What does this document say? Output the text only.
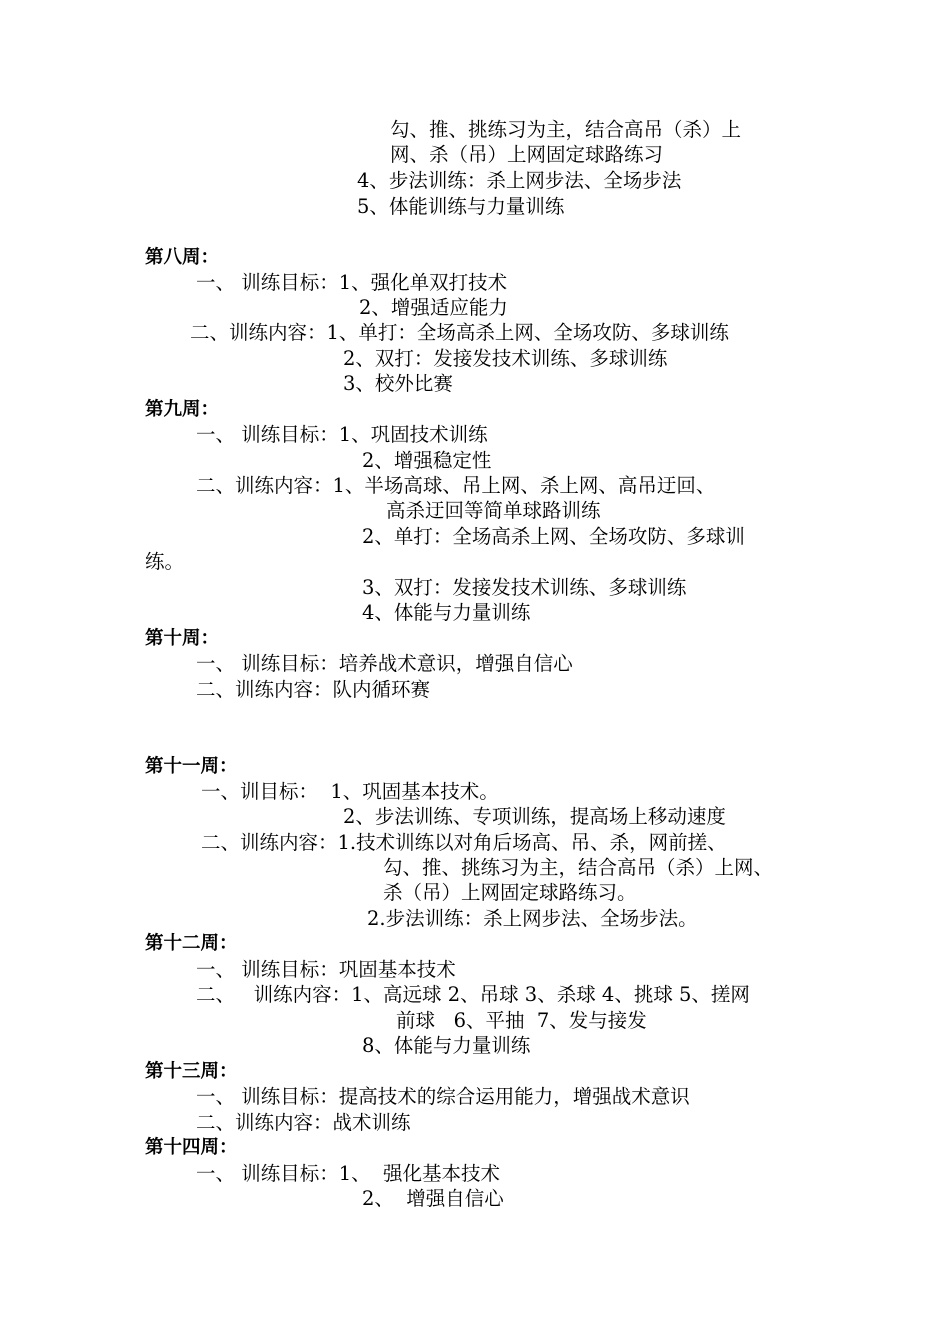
勾、推、挑练习为主，结合高吊（杀）上
网、杀（吊）上网固定球路练习
4、步法训练：杀上网步法、全场步法
5、体能训练与力量训练
第八周：
一、 训练目标：1、强化单双打技术
2、增强适应能力
二、训练内容：1、单打：全场高杀上网、全场攻防、多球训练
2、双打：发接发技术训练、多球训练
3、校外比赛
第九周：
一、 训练目标：1、巩固技术训练
2、增强稳定性
二、训练内容：1、半场高球、吊上网、杀上网、高吊迂回、
高杀迂回等简单球路训练
2、单打：全场高杀上网、全场攻防、多球训
练。
3、双打：发接发技术训练、多球训练
4、体能与力量训练
第十周：
一、 训练目标：培养战术意识，增强自信心
二、训练内容：队内循环赛
第十一周：
一、训目标：  1、巩固基本技术。
2、步法训练、专项训练，提高场上移动速度
二、训练内容：1.技术训练以对角后场高、吊、杀，网前搓、
勾、推、挑练习为主，结合高吊（杀）上网、
杀（吊）上网固定球路练习。
2.步法训练：杀上网步法、全场步法。
第十二周：
一、 训练目标：巩固基本技术
二、   训练内容：1、高远球 2、吊球 3、杀球 4、挑球 5、搓网
前球   6、平抽  7、发与接发
8、体能与力量训练
第十三周：
一、 训练目标：提高技术的综合运用能力，增强战术意识
二、训练内容：战术训练
第十四周：
一、 训练目标：1、  强化基本技术
2、  增强自信心
